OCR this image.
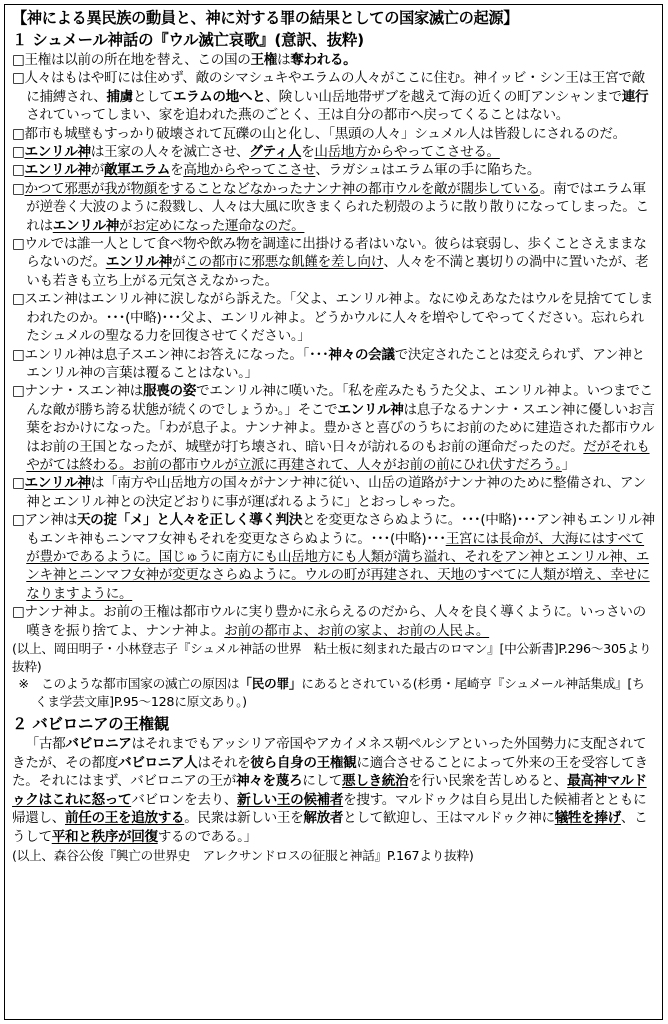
【神による異民族の動員と、神に対する罪の結果としての国家滅亡の起源】
１ シュメール神話の『ウル滅亡哀歌』(意訳、抜粋)

□王権は以前の所在地を替え、この国の王権は奪われる。

□人々はもはや町には住めず、敵のシマシュキやエラムの人々がここに住む。神イッビ・シン王は王宮で敵に捕縛され、捕虜としてエラムの地へと、険しい山岳地帯ザブを越えて海の近くの町アンシャンまで連行されていってしまい、家を追われた燕のごとく、王は自分の都市へ戻ってくることはない。

□都市も城壁もすっかり破壊されて瓦礫の山と化し、「黒頭の人々」シュメル人は皆殺しにされるのだ。

□エンリル神は王家の人々を滅亡させ、グティ人を山岳地方からやってこさせる。

□エンリル神が敵軍エラムを高地からやってこさせ、ラガシュはエラム軍の手に陥ちた。

□かつて邪悪が我が物顔をすることなどなかったナンナ神の都市ウルを敵が闊歩している。南ではエラム軍が逆巻く大波のように殺戮し、人々は大風に吹きまくられた籾殻のように散り散りになってしまった。これはエンリル神がお定めになった運命なのだ。

□ウルでは誰一人として食べ物や飲み物を調達に出掛ける者はいない。彼らは衰弱し、歩くことさえままならないのだ。エンリル神がこの都市に邪悪な飢饉を差し向け、人々を不満と裏切りの渦中に置いたが、老いも若きも立ち上がる元気さえなかった。

□スエン神はエンリル神に涙しながら訴えた。「父よ、エンリル神よ。なにゆえあなたはウルを見捨ててしまわれたのか。･･･(中略)･･･父よ、エンリル神よ。どうかウルに人々を増やしてやってください。忘れられたシュメルの聖なる力を回復させてください。」

□エンリル神は息子スエン神にお答えになった。「･･･神々の会議で決定されたことは変えられず、アン神とエンリル神の言葉は覆ることはない。」

□ナンナ・スエン神は服喪の姿でエンリル神に嘆いた。「私を産みたもうた父よ、エンリル神よ。いつまでこんな敵が勝ち誇る状態が続くのでしょうか。」そこでエンリル神は息子なるナンナ・スエン神に優しいお言葉をおかけになった。「わが息子よ。ナンナ神よ。豊かさと喜びのうちにお前のために建造された都市ウルはお前の王国となったが、城壁が打ち壊され、暗い日々が訪れるのもお前の運命だったのだ。だがそれもやがては終わる。お前の都市ウルが立派に再建されて、人々がお前の前にひれ伏すだろう。」

□エンリル神は「南方や山岳地方の国々がナンナ神に従い、山岳の道路がナンナ神のために整備され、アン神とエンリル神との決定どおりに事が運ばれるように」とおっしゃった。

□アン神は天の掟「メ」と人々を正しく導く判決とを変更なさらぬように。･･･(中略)･･･アン神もエンリル神もエンキ神もニンマフ女神もそれを変更なさらぬように。･･･(中略)･･･王宮には長命が、大海にはすべてが豊かであるように。国じゅうに南方にも山岳地方にも人類が満ち溢れ、それをアン神とエンリル神、エンキ神とニンマフ女神が変更なさらぬように。ウルの町が再建され、天地のすべてに人類が増え、幸せになりますように。

□ナンナ神よ。お前の王権は都市ウルに実り豊かに永らえるのだから、人々を良く導くように。いっさいの嘆きを振り捨てよ、ナンナ神よ。お前の都市よ、お前の家よ、お前の人民よ。

(以上、岡田明子・小林登志子『シュメル神話の世界　粘土板に刻まれた最古のロマン』[中公新書]P.296～305より抜粋)
※　このような都市国家の滅亡の原因は「民の罪」にあるとされている(杉勇・尾崎亨『シュメール神話集成』[ちくま学芸文庫]P.95～128に原文あり。)
２ バビロニアの王権観
「古都バビロニアはそれまでもアッシリア帝国やアカイメネス朝ペルシアといった外国勢力に支配されてきたが、その都度バビロニア人はそれを彼ら自身の王権観に適合させることによって外来の王を受容してきた。それにはまず、バビロニアの王が神々を蔑ろにして悪しき統治を行い民衆を苦しめると、最高神マルドゥクはこれに怒ってバビロンを去り、新しい王の候補者を捜す。マルドゥクは自ら見出した候補者とともに帰還し、前任の王を追放する。民衆は新しい王を解放者として歓迎し、王はマルドゥク神に犠牲を捧げ、こうして平和と秩序が回復するのである。」
(以上、森谷公俊『興亡の世界史　アレクサンドロスの征服と神話』P.167より抜粋)
